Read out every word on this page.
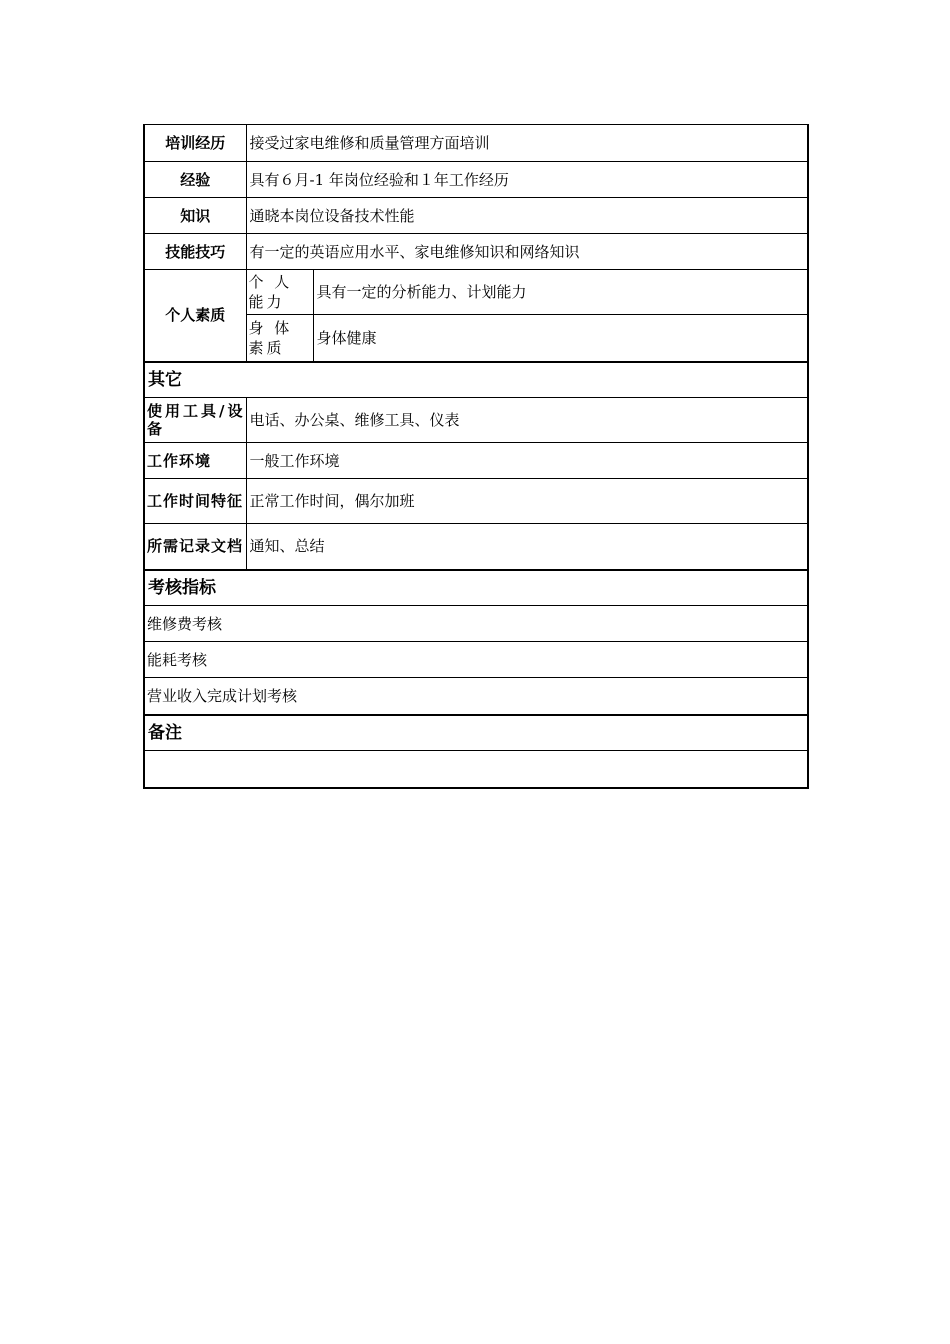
培训经历	接受过家电维修和质量管理方面培训	
经验	具有６月-1 年岗位经验和１年工作经历	
知识	通晓本岗位设备技术性能	
技能技巧	有一定的英语应用水平、家电维修知识和网络知识	
个人素质	个 人 能力	具有一定的分析能力、计划能力
	身 体 素质	身体健康
其它		
使用工具/设备	电话、办公桌、维修工具、仪表	
工作环境	一般工作环境	
工作时间特征	正常工作时间，偶尔加班	
所需记录文档	通知、总结	
考核指标		
维修费考核		
能耗考核		
营业收入完成计划考核		
备注		
